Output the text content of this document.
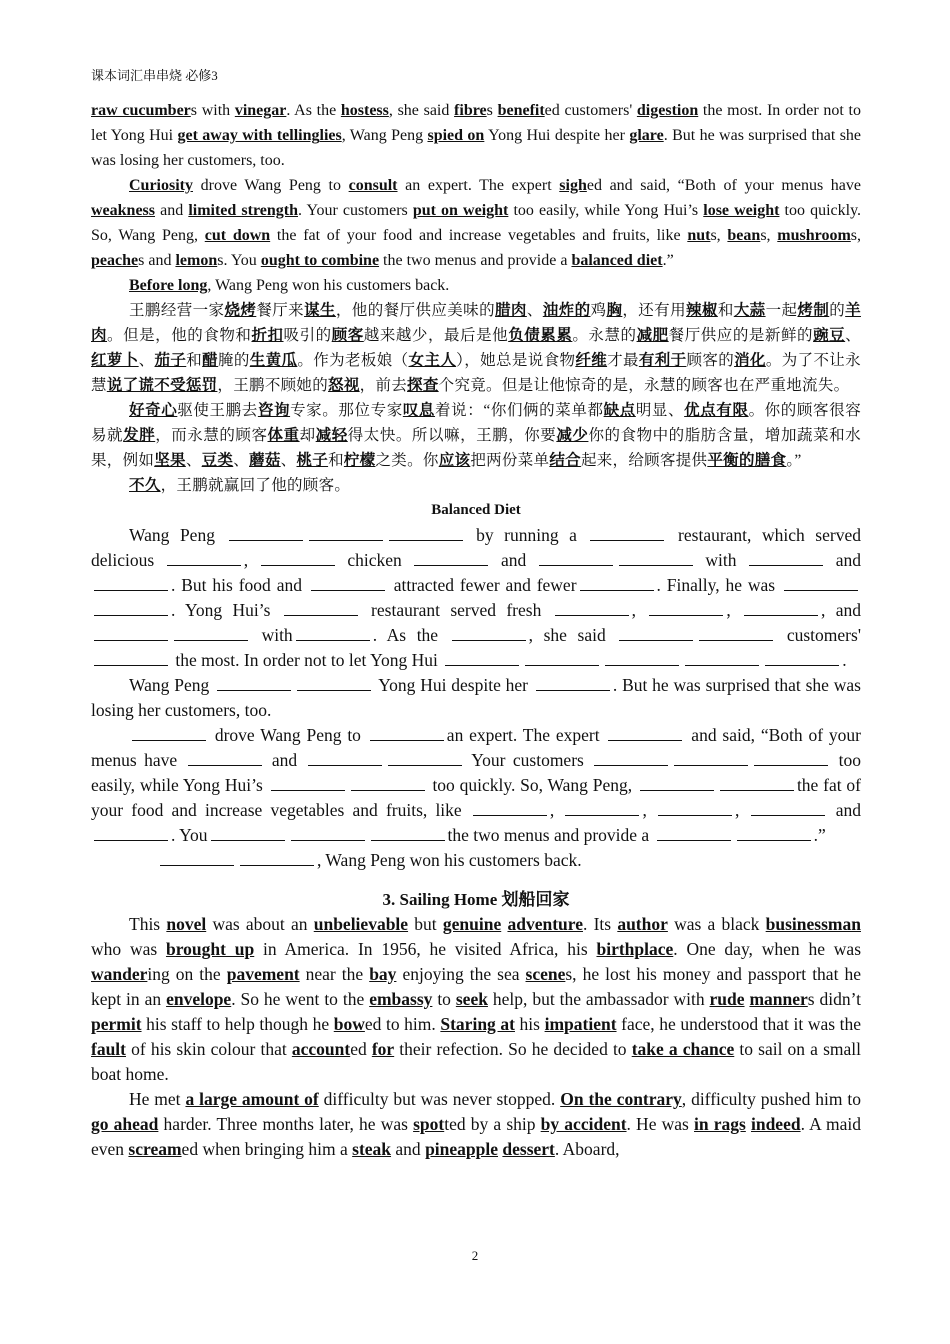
课本词汇串串烧 必修3

raw cucumbers with vinegar. As the hostess, she said fibres benefited customers' digestion the most. In order not to let Yong Hui get away with tellinglies, Wang Peng spied on Yong Hui despite her glare. But he was surprised that she was losing her customers, too.

Curiosity drove Wang Peng to consult an expert. The expert sighed and said, “Both of your menus have weakness and limited strength. Your customers put on weight too easily, while Yong Hui’s lose weight too quickly. So, Wang Peng, cut down the fat of your food and increase vegetables and fruits, like nuts, beans, mushrooms, peaches and lemons. You ought to combine the two menus and provide a balanced diet.”

Before long, Wang Peng won his customers back.

王鹏经营一家烧烤餐厅来谋生，他的餐厅供应美味的腊肉、油炸的鸡胸，还有用辣椒和大蒜一起烤制的羊肉。但是，他的食物和折扣吸引的顾客越来越少，最后是他负债累累。永慧的减肥餐厅供应的是新鲜的豌豆、红萝卜、茄子和醋腌的生黄瓜。作为老板娘（女主人），她总是说食物纤维才最有利于顾客的消化。为了不让永慧说了谎不受惩罚，王鹏不顾她的怒视，前去探查个究竟。但是让他惊奇的是，永慧的顾客也在严重地流失。

好奇心驱使王鹏去咨询专家。那位专家叹息着说：“你们俩的菜单都缺点明显、优点有限。你的顾客很容易就发胖，而永慧的顾客体重却减轻得太快。所以嘛，王鹏，你要减少你的食物中的脂肪含量，增加蔬菜和水果，例如坚果、豆类、蘑菇、桃子和柠檬之类。你应该把两份菜单结合起来，给顾客提供平衡的膳食。”

不久，王鹏就赢回了他的顾客。

Balanced Diet

Wang Peng	by running a	restaurant, which served delicious	,	chicken	and	with	and . But his food and	attracted fewer and fewer	. Finally, he was . Yong Hui’s	restaurant served fresh	,	,	, and  with	. As the	, she said	customers'  the most. In order not to let Yong Hui	.

Wang Peng	Yong Hui despite her	. But he was surprised that she was losing her customers, too.

drove Wang Peng to	an expert. The expert	and said, “Both of your menus have	and	Your customers	too easily, while Yong Hui’s	too quickly. So, Wang Peng,	the fat of your food and increase vegetables and fruits, like	,	,	,	and . You	the two menus and provide a	.”

, Wang Peng won his customers back.

3. Sailing Home 划船回家

This novel was about an unbelievable but genuine adventure. Its author was a black businessman who was brought up in America. In 1956, he visited Africa, his birthplace. One day, when he was wandering on the pavement near the bay enjoying the sea scenes, he lost his money and passport that he kept in an envelope. So he went to the embassy to seek help, but the ambassador with rude manners didn’t permit his staff to help though he bowed to him. Staring at his impatient face, he understood that it was the fault of his skin colour that accounted for their refection. So he decided to take a chance to sail on a small boat home.

He met a large amount of difficulty but was never stopped. On the contrary, difficulty pushed him to go ahead harder. Three months later, he was spotted by a ship by accident. He was in rags indeed. A maid even screamed when bringing him a steak and pineapple dessert. Aboard,

2
